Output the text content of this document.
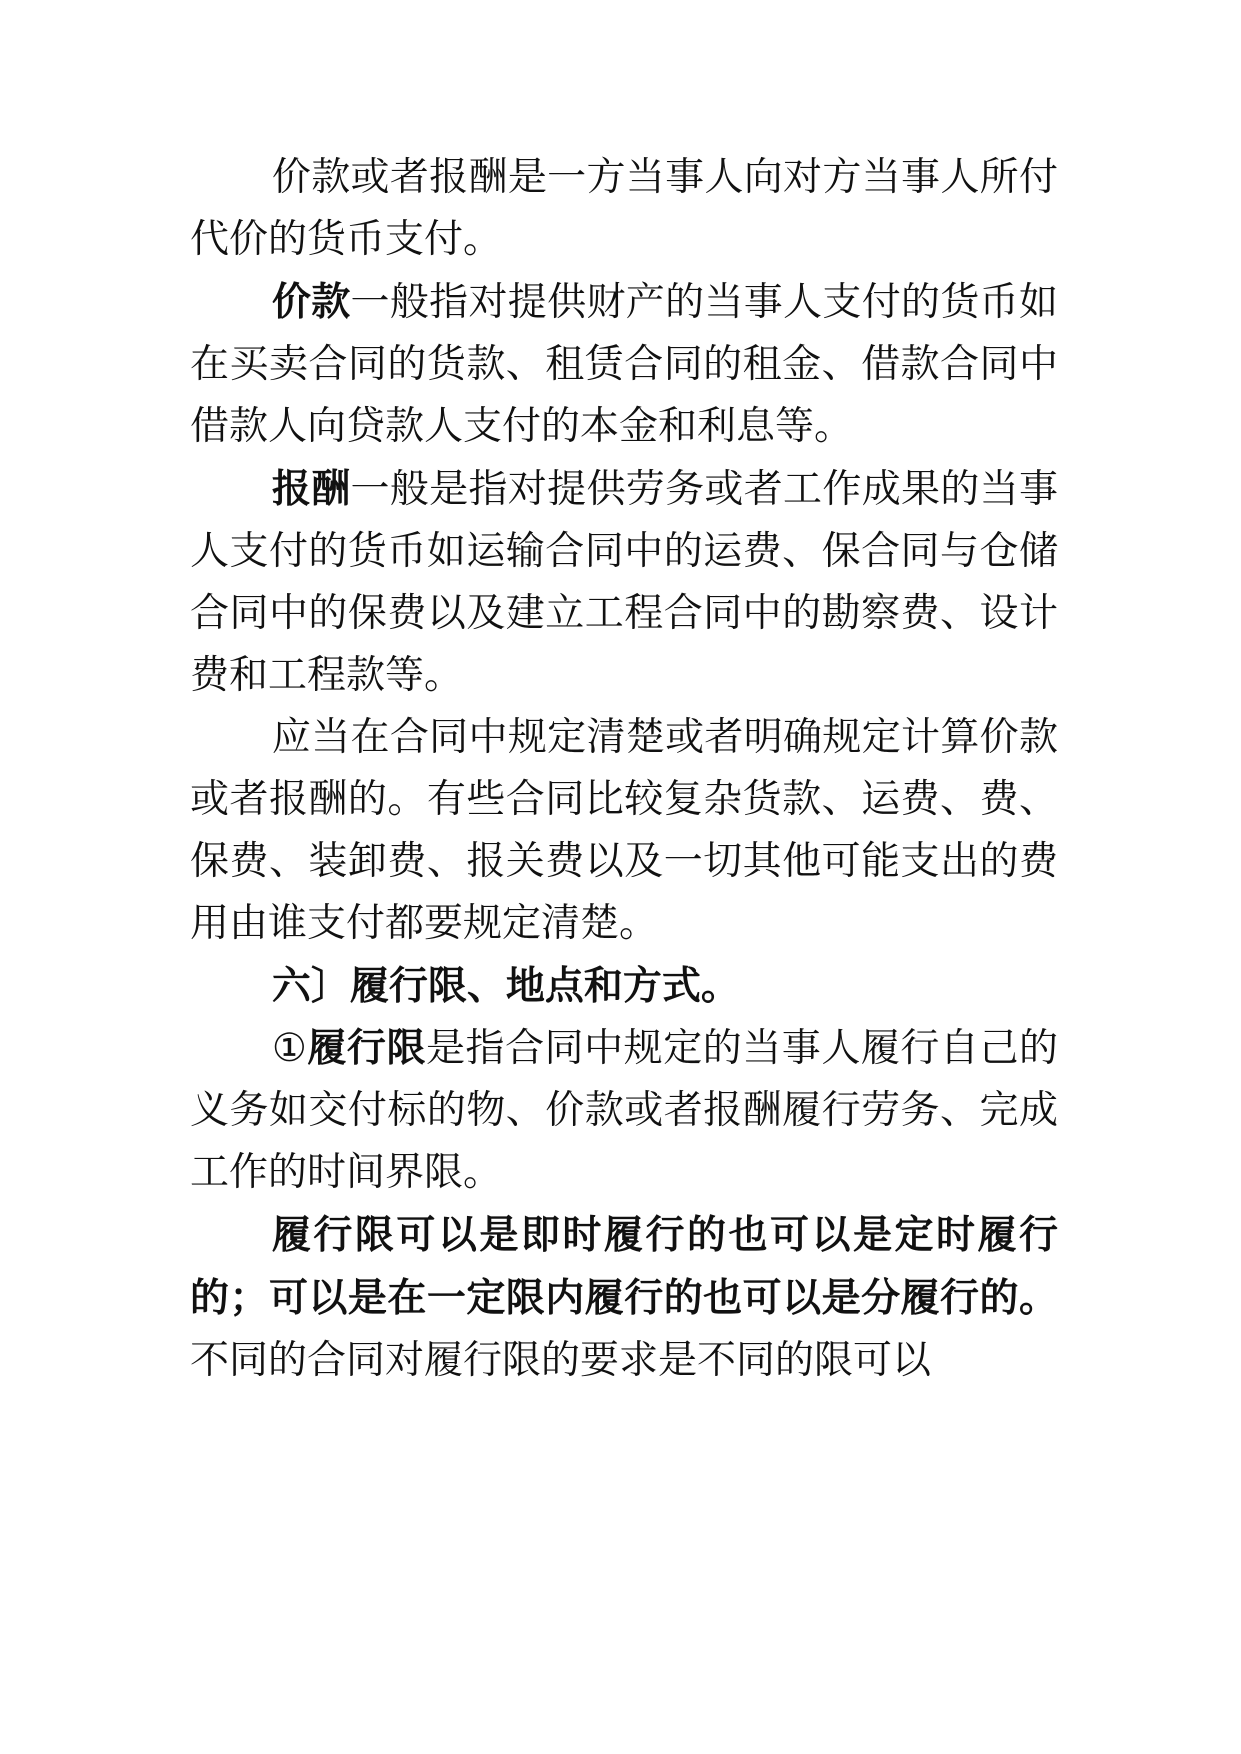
价款或者报酬是一方当事人向对方当事人所付代价的货币支付。

价款一般指对提供财产的当事人支付的货币如在买卖合同的货款、租赁合同的租金、借款合同中借款人向贷款人支付的本金和利息等。

报酬一般是指对提供劳务或者工作成果的当事人支付的货币如运输合同中的运费、保合同与仓储合同中的保费以及建立工程合同中的勘察费、设计费和工程款等。

应当在合同中规定清楚或者明确规定计算价款或者报酬的。有些合同比较复杂货款、运费、费、保费、装卸费、报关费以及一切其他可能支出的费用由谁支付都要规定清楚。

六〕履行限、地点和方式。

①履行限是指合同中规定的当事人履行自己的义务如交付标的物、价款或者报酬履行劳务、完成工作的时间界限。

履行限可以是即时履行的也可以是定时履行的；可以是在一定限内履行的也可以是分履行的。不同的合同对履行限的要求是不同的限可以
